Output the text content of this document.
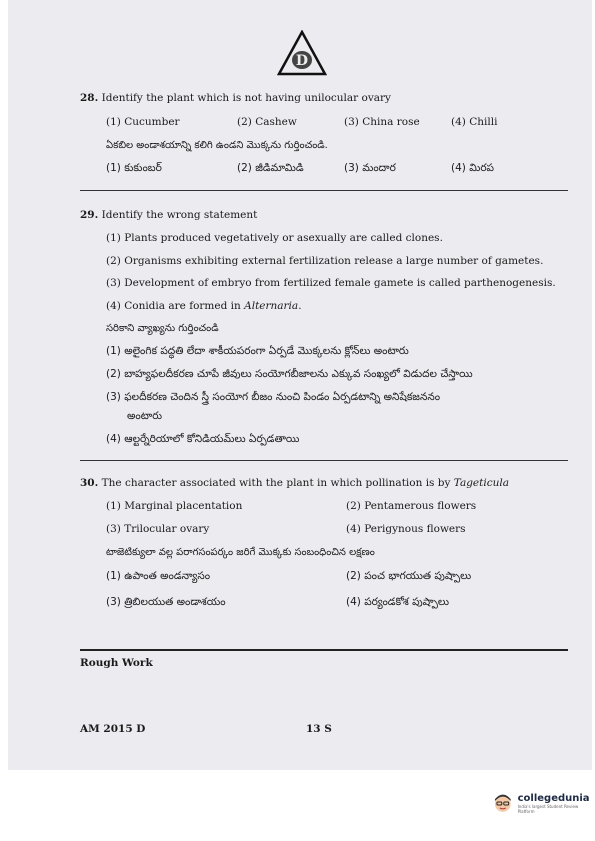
D
28. Identify the plant which is not having unilocular ovary
(1) Cucumber	(2) Cashew	(3) China rose	(4) Chilli
ఏకబిల అండాశయాన్ని కలిగి ఉండని మొక్కను గుర్తించండి.
(1) కుకుంబర్	(2) జీడిమామిడి	(3) మందార	(4) మిరప
29. Identify the wrong statement
(1) Plants produced vegetatively or asexually are called clones.
(2) Organisms exhibiting external fertilization release a large number of gametes.
(3) Development of embryo from fertilized female gamete is called parthenogenesis.
(4) Conidia are formed in Alternaria.
సరికాని వ్యాఖ్యను గుర్తించండి
(1) అలైంగిక పద్ధతి లేదా శాకీయపరంగా ఏర్పడే మొక్కలను క్లోన్‌లు అంటారు
(2) బాహ్యఫలదీకరణ చూపే జీవులు సంయోగబీజాలను ఎక్కువ సంఖ్యలో విడుదల చేస్తాయి
(3) ఫలదీకరణ చెందిన స్త్రీ సంయోగ బీజం నుంచి పిండం ఏర్పడటాన్ని అనిషేకజననం
అంటారు
(4) ఆల్టర్నేరియాలో కోనిడియమ్‌లు ఏర్పడతాయి
30. The character associated with the plant in which pollination is by Tageticula
(1) Marginal placentation	(2) Pentamerous flowers
(3) Trilocular ovary	(4) Perigynous flowers
టాజెటిక్యులా వల్ల పరాగసంపర్కం జరిగే మొక్కకు సంబంధించిన లక్షణం
(1) ఉపాంత అండన్యాసం	(2) పంచ భాగయుత పుష్పాలు
(3) త్రిబిలయుత అండాశయం	(4) పర్యండకోశ పుష్పాలు
Rough Work
AM 2015 D	13 S
collegedunia
India's largest Student Review Platform
